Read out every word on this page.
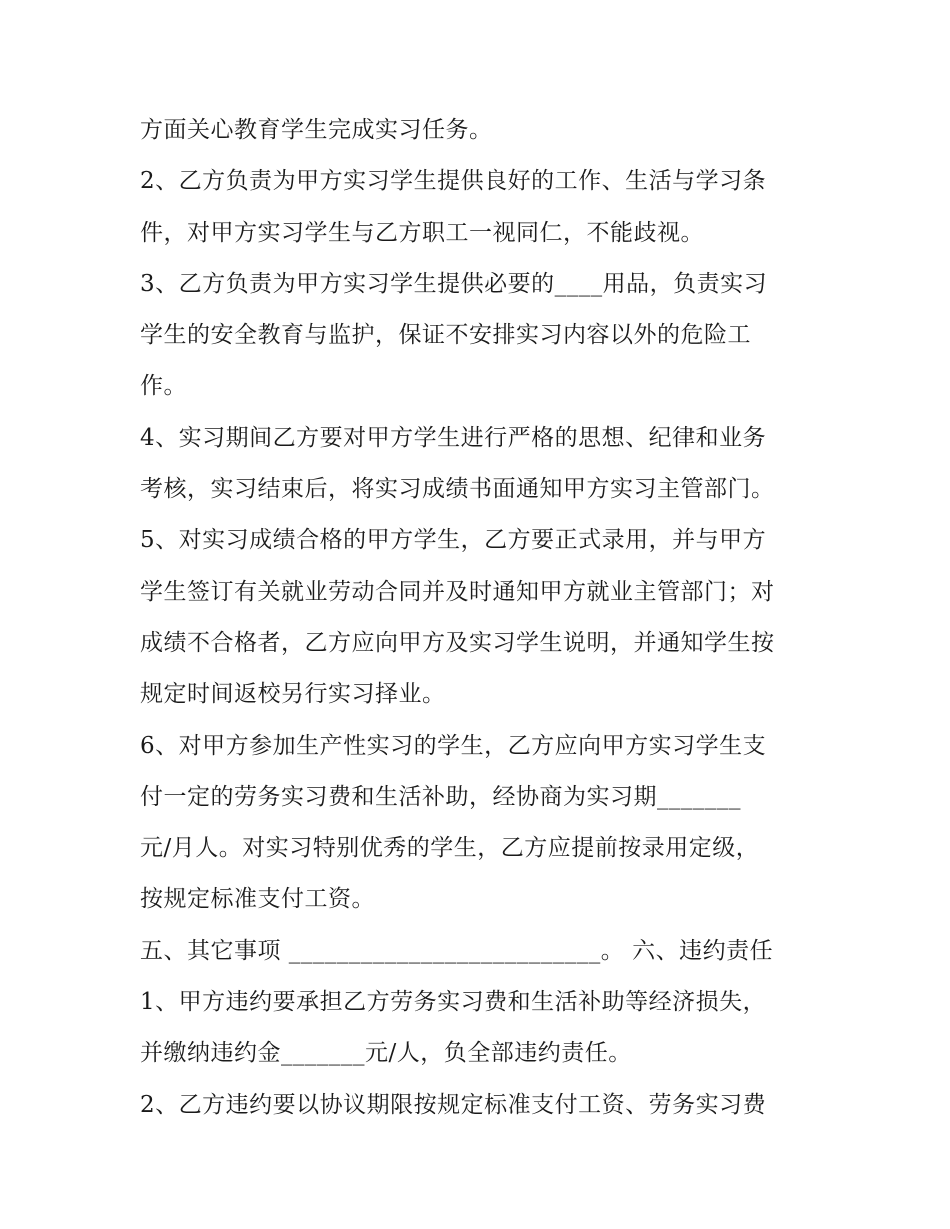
方面关心教育学生完成实习任务。
2、乙方负责为甲方实习学生提供良好的工作、生活与学习条
件，对甲方实习学生与乙方职工一视同仁，不能歧视。
3、乙方负责为甲方实习学生提供必要的____用品，负责实习
学生的安全教育与监护，保证不安排实习内容以外的危险工
作。
4、实习期间乙方要对甲方学生进行严格的思想、纪律和业务
考核，实习结束后，将实习成绩书面通知甲方实习主管部门。
5、对实习成绩合格的甲方学生，乙方要正式录用，并与甲方
学生签订有关就业劳动合同并及时通知甲方就业主管部门；对
成绩不合格者，乙方应向甲方及实习学生说明，并通知学生按
规定时间返校另行实习择业。
6、对甲方参加生产性实习的学生，乙方应向甲方实习学生支
付一定的劳务实习费和生活补助，经协商为实习期_______
元/月人。对实习特别优秀的学生，乙方应提前按录用定级，
按规定标准支付工资。
五、其它事项 __________________________。 六、违约责任
1、甲方违约要承担乙方劳务实习费和生活补助等经济损失，
并缴纳违约金_______元/人，负全部违约责任。
2、乙方违约要以协议期限按规定标准支付工资、劳务实习费
